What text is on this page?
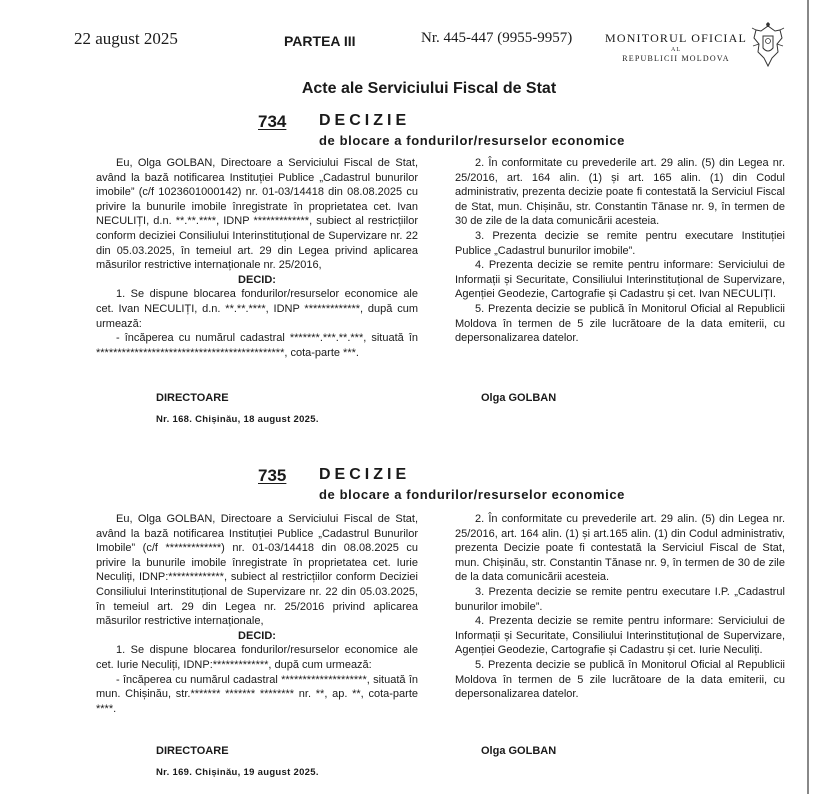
22 august 2025	PARTEA III	Nr. 445-447 (9955-9957)	MONITORUL OFICIAL
AL
REPUBLICII MOLDOVA
Acte ale Serviciului Fiscal de Stat
734 DECIZIE
de blocare a fondurilor/resurselor economice

Eu, Olga GOLBAN, Directoare a Serviciului Fiscal de Stat, având la bază notificarea Instituției Publice „Cadastrul bunurilor imobile” (c/f 1023601000142) nr. 01-03/14418 din 08.08.2025 cu privire la bunurile imobile înregistrate în proprietatea cet. Ivan NECULIȚI, d.n. **.**.****, IDNP *************, subiect al restricțiilor conform deciziei Consiliului Interinstituțional de Supervizare nr. 22 din 05.03.2025, în temeiul art. 29 din Legea privind aplicarea măsurilor restrictive internaționale nr. 25/2016,

DECID:

1. Se dispune blocarea fondurilor/resurselor economice ale cet. Ivan NECULIȚI, d.n. **.**.****, IDNP *************, după cum urmează:

- încăperea cu numărul cadastral *******.***.**.***, situată în ********************************************, cota-parte ***.

2. În conformitate cu prevederile art. 29 alin. (5) din Legea nr. 25/2016, art. 164 alin. (1) și art. 165 alin. (1) din Codul administrativ, prezenta decizie poate fi contestată la Serviciul Fiscal de Stat, mun. Chișinău, str. Constantin Tănase nr. 9, în termen de 30 de zile de la data comunicării acesteia.

3. Prezenta decizie se remite pentru executare Instituției Publice „Cadastrul bunurilor imobile”.

4. Prezenta decizie se remite pentru informare: Serviciului de Informații și Securitate, Consiliului Interinstituțional de Supervizare, Agenției Geodezie, Cartografie și Cadastru și cet. Ivan NECULIȚI.

5. Prezenta decizie se publică în Monitorul Oficial al Republicii Moldova în termen de 5 zile lucrătoare de la data emiterii, cu depersonalizarea datelor.

DIRECTOARE	Olga GOLBAN
Nr. 168. Chișinău, 18 august 2025.
735 DECIZIE
de blocare a fondurilor/resurselor economice

Eu, Olga GOLBAN, Directoare a Serviciului Fiscal de Stat, având la bază notificarea Instituției Publice „Cadastrul Bunurilor Imobile” (c/f *************) nr. 01-03/14418 din 08.08.2025 cu privire la bunurile imobile înregistrate în proprietatea cet. Iurie Neculiți, IDNP:*************, subiect al restricțiilor conform Deciziei Consiliului Interinstituțional de Supervizare nr. 22 din 05.03.2025, în temeiul art. 29 din Legea nr. 25/2016 privind aplicarea măsurilor restrictive internaționale,

DECID:

1. Se dispune blocarea fondurilor/resurselor economice ale cet. Iurie Neculiți, IDNP:*************, după cum urmează:

- încăperea cu numărul cadastral ********************, situată în mun. Chișinău, str.******* ******* ******** nr. **, ap. **, cota-parte ****.

2. În conformitate cu prevederile art. 29 alin. (5) din Legea nr. 25/2016, art. 164 alin. (1) și art.165 alin. (1) din Codul administrativ, prezenta Decizie poate fi contestată la Serviciul Fiscal de Stat, mun. Chișinău, str. Constantin Tănase nr. 9, în termen de 30 de zile de la data comunicării acesteia.

3. Prezenta decizie se remite pentru executare I.P. „Cadastrul bunurilor imobile”.

4. Prezenta decizie se remite pentru informare: Serviciului de Informații și Securitate, Consiliului Interinstituțional de Supervizare, Agenției Geodezie, Cartografie și Cadastru și cet. Iurie Neculiți.

5. Prezenta decizie se publică în Monitorul Oficial al Republicii Moldova în termen de 5 zile lucrătoare de la data emiterii, cu depersonalizarea datelor.

DIRECTOARE	Olga GOLBAN
Nr. 169. Chișinău, 19 august 2025.
